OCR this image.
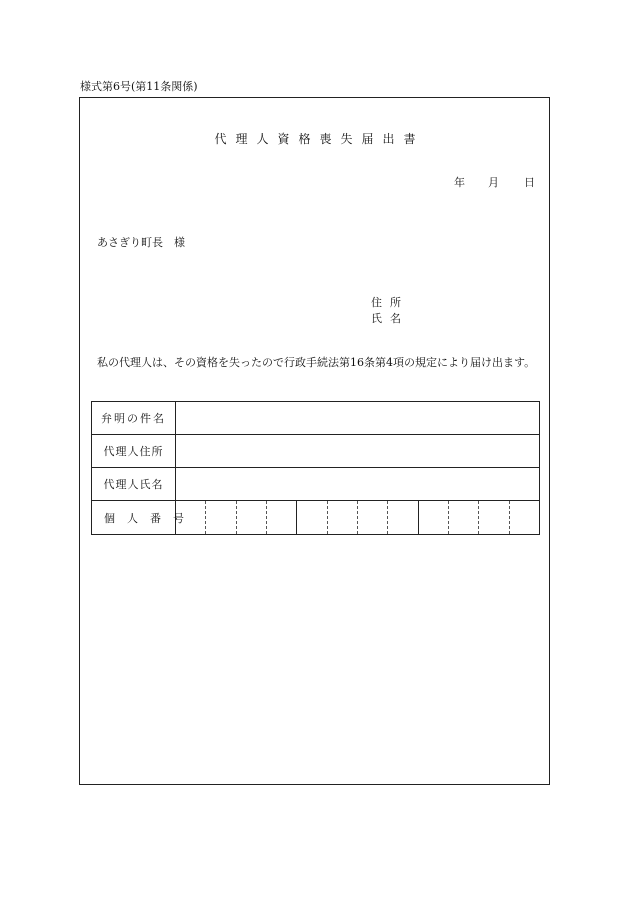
様式第6号(第11条関係)
代理人資格喪失届出書
年 月 日
あさぎり町長　様
住所
氏名
私の代理人は、その資格を失ったので行政手続法第16条第4項の規定により届け出ます。
弁明の件名	
代理人住所	
代理人氏名	
個人番号	
